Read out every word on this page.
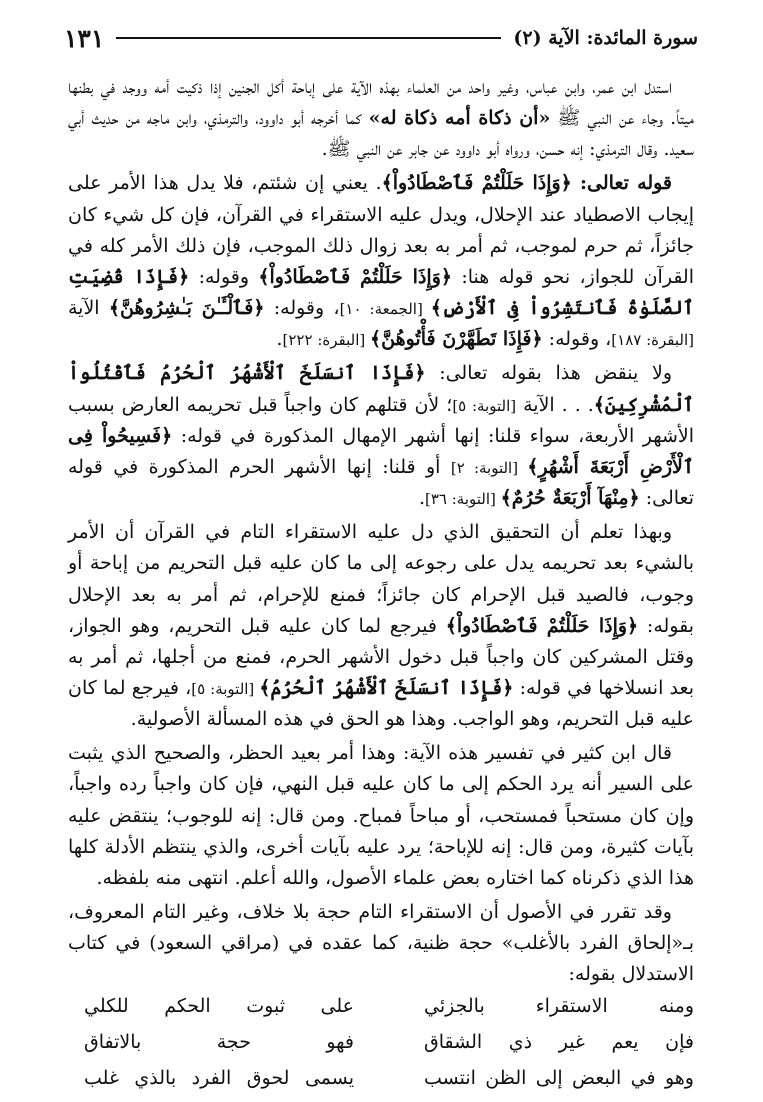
سورة المائدة: الآية (٢)
١٣١

استدل ابن عمر، وابن عباس، وغير واحد من العلماء بهذه الآية على إباحة أكل الجنين إذا ذكيت أمه ووجد في بطنها ميتاً. وجاء عن النبي ﷺ «أن ذكاة أمه ذكاة له» كما أخرجه أبو داوود، والترمذي، وابن ماجه من حديث أبي سعيد. وقال الترمذي: إنه حسن، ورواه أبو داوود عن جابر عن النبي ﷺ.

قوله تعالى: ﴿وَإِذَا حَلَلْتُمْ فَٱصْطَادُواْ﴾. يعني إن شئتم، فلا يدل هذا الأمر على إيجاب الاصطياد عند الإحلال، ويدل عليه الاستقراء في القرآن، فإن كل شيء كان جائزاً، ثم حرم لموجب، ثم أمر به بعد زوال ذلك الموجب، فإن ذلك الأمر كله في القرآن للجواز، نحو قوله هنا: ﴿وَإِذَا حَلَلْتُمْ فَٱصْطَادُواْ﴾ وقوله: ﴿فَإِذَا قُضِيَتِ ٱلصَّلَوٰةُ فَٱنتَشِرُواْ فِى ٱلْأَرْضِ﴾ [الجمعة: ١٠]، وقوله: ﴿فَٱلْـَٔـٰنَ بَـٰشِرُوهُنَّ﴾ الآية [البقرة: ١٨٧]، وقوله: ﴿فَإِذَا تَطَهَّرْنَ فَأْتُوهُنَّ﴾ [البقرة: ٢٢٢].

ولا ينقض هذا بقوله تعالى: ﴿فَإِذَا ٱنسَلَخَ ٱلْأَشْهُرُ ٱلْحُرُمُ فَٱقْتُلُواْ ٱلْمُشْرِكِينَ﴾. . . الآية [التوبة: ٥]؛ لأن قتلهم كان واجباً قبل تحريمه العارض بسبب الأشهر الأربعة، سواء قلنا: إنها أشهر الإمهال المذكورة في قوله: ﴿فَسِيحُواْ فِى ٱلْأَرْضِ أَرْبَعَةَ أَشْهُرٍ﴾ [التوبة: ٢] أو قلنا: إنها الأشهر الحرم المذكورة في قوله تعالى: ﴿مِنْهَآ أَرْبَعَةٌ حُرُمٌ﴾ [التوبة: ٣٦].

وبهذا تعلم أن التحقيق الذي دل عليه الاستقراء التام في القرآن أن الأمر بالشيء بعد تحريمه يدل على رجوعه إلى ما كان عليه قبل التحريم من إباحة أو وجوب، فالصيد قبل الإحرام كان جائزاً؛ فمنع للإحرام، ثم أمر به بعد الإحلال بقوله: ﴿وَإِذَا حَلَلْتُمْ فَٱصْطَادُواْ﴾ فيرجع لما كان عليه قبل التحريم، وهو الجواز، وقتل المشركين كان واجباً قبل دخول الأشهر الحرم، فمنع من أجلها، ثم أمر به بعد انسلاخها في قوله: ﴿فَإِذَا ٱنسَلَخَ ٱلْأَشْهُرُ ٱلْحُرُمُ﴾ [التوبة: ٥]، فيرجع لما كان عليه قبل التحريم، وهو الواجب. وهذا هو الحق في هذه المسألة الأصولية.

قال ابن كثير في تفسير هذه الآية: وهذا أمر بعيد الحظر، والصحيح الذي يثبت على السير أنه يرد الحكم إلى ما كان عليه قبل النهي، فإن كان واجباً رده واجباً، وإن كان مستحباً فمستحب، أو مباحاً فمباح. ومن قال: إنه للوجوب؛ ينتقض عليه بآيات كثيرة، ومن قال: إنه للإباحة؛ يرد عليه بآيات أخرى، والذي ينتظم الأدلة كلها هذا الذي ذكرناه كما اختاره بعض علماء الأصول، والله أعلم. انتهى منه بلفظه.

وقد تقرر في الأصول أن الاستقراء التام حجة بلا خلاف، وغير التام المعروف، بـ«إلحاق الفرد بالأغلب» حجة ظنية، كما عقده في (مراقي السعود) في كتاب الاستدلال بقوله:

ومنه الاستقراء بالجزئي
على ثبوت الحكم للكلي
فإن يعم غير ذي الشقاق
فهو حجة بالاتفاق
وهو في البعض إلى الظن انتسب
يسمى لحوق الفرد بالذي غلب
